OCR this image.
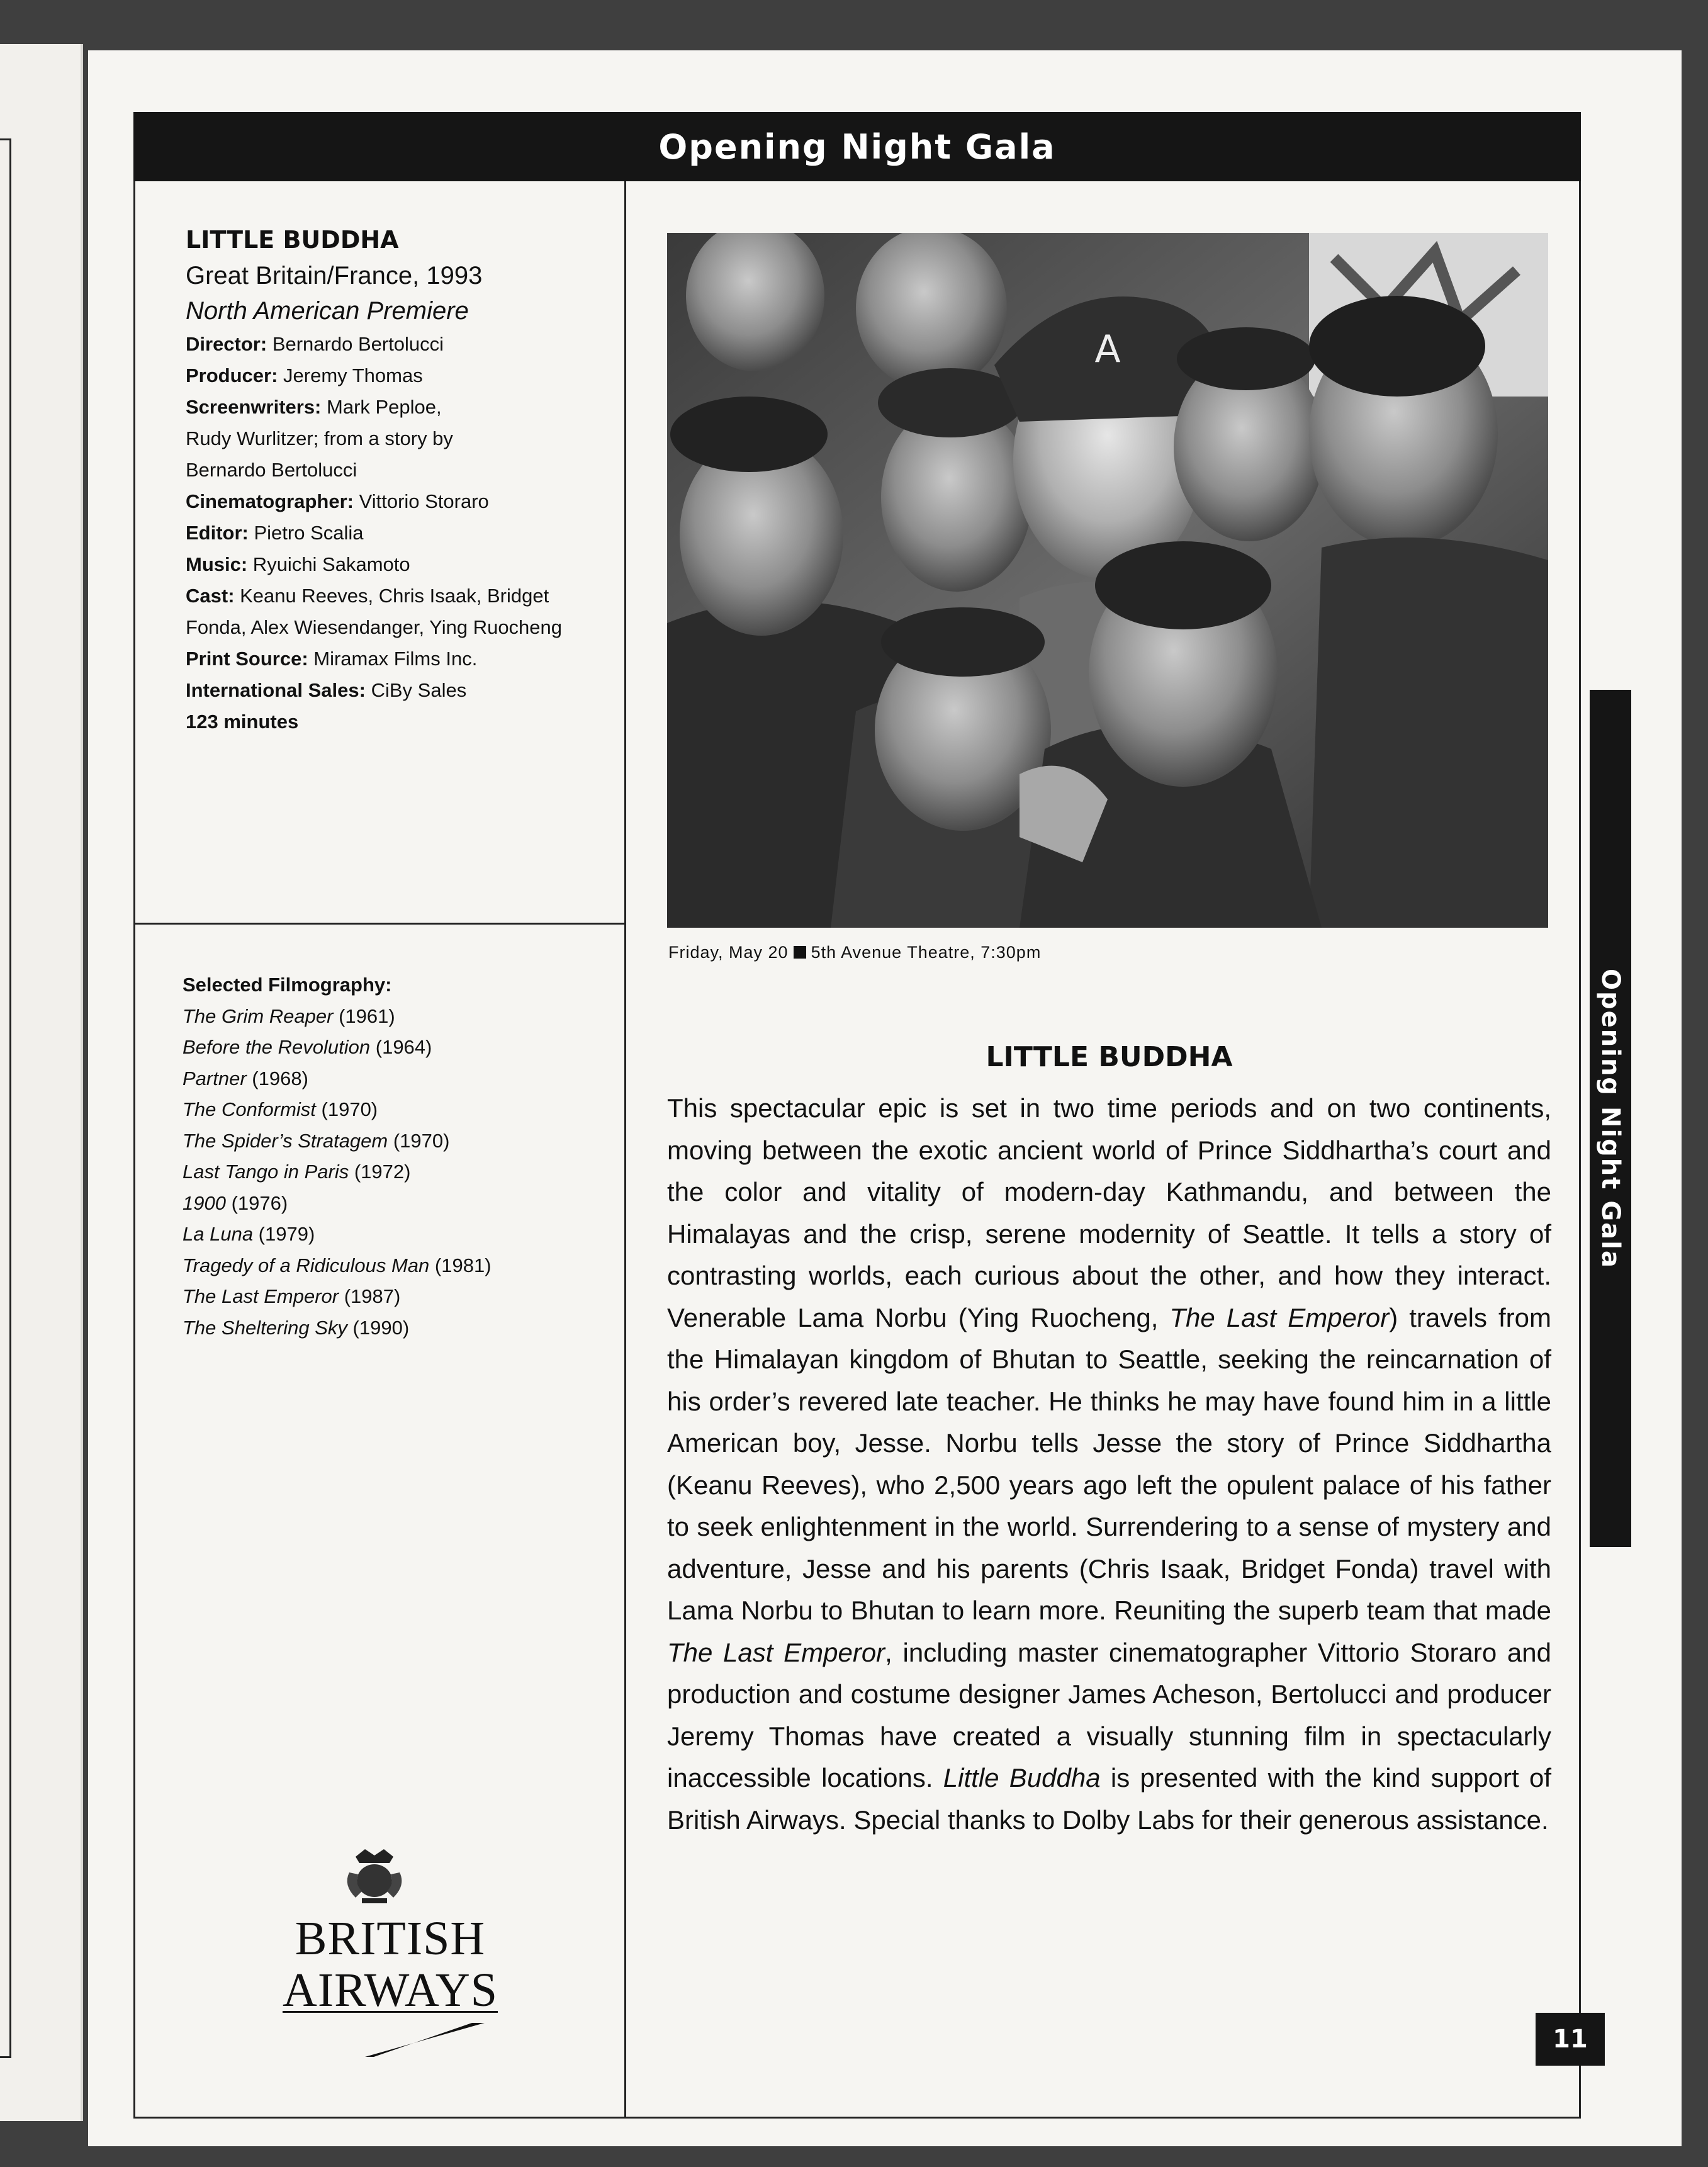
Opening Night Gala
LITTLE BUDDHA
Great Britain/France, 1993
North American Premiere
Director: Bernardo Bertolucci
Producer: Jeremy Thomas
Screenwriters: Mark Peploe, Rudy Wurlitzer; from a story by Bernardo Bertolucci
Cinematographer: Vittorio Storaro
Editor: Pietro Scalia
Music: Ryuichi Sakamoto
Cast: Keanu Reeves, Chris Isaak, Bridget Fonda, Alex Wiesendanger, Ying Ruocheng
Print Source: Miramax Films Inc.
International Sales: CiBy Sales
123 minutes
Selected Filmography:
The Grim Reaper (1961)
Before the Revolution (1964)
Partner (1968)
The Conformist (1970)
The Spider’s Stratagem (1970)
Last Tango in Paris (1972)
1900 (1976)
La Luna (1979)
Tragedy of a Ridiculous Man (1981)
The Last Emperor (1987)
The Sheltering Sky (1990)
BRITISH
AIRWAYS
A
Friday, May 20 5th Avenue Theatre, 7:30pm
LITTLE BUDDHA
This spectacular epic is set in two time periods and on two continents, moving between the exotic ancient world of Prince Siddhartha’s court and the color and vitality of modern-day Kathmandu, and between the Himalayas and the crisp, serene modernity of Seattle. It tells a story of contrasting worlds, each curious about the other, and how they interact. Venerable Lama Norbu (Ying Ruocheng, The Last Emperor) travels from the Himalayan kingdom of Bhutan to Seattle, seeking the reincarnation of his order’s revered late teacher. He thinks he may have found him in a little American boy, Jesse. Norbu tells Jesse the story of Prince Siddhartha (Keanu Reeves), who 2,500 years ago left the opulent palace of his father to seek enlightenment in the world. Surrendering to a sense of mystery and adventure, Jesse and his parents (Chris Isaak, Bridget Fonda) travel with Lama Norbu to Bhutan to learn more. Reuniting the superb team that made The Last Emperor, including master cinematographer Vittorio Storaro and production and costume designer James Acheson, Bertolucci and producer Jeremy Thomas have created a visually stunning film in spectacularly inaccessible locations. Little Buddha is presented with the kind support of British Airways. Special thanks to Dolby Labs for their generous assistance.
Opening Night Gala
11
